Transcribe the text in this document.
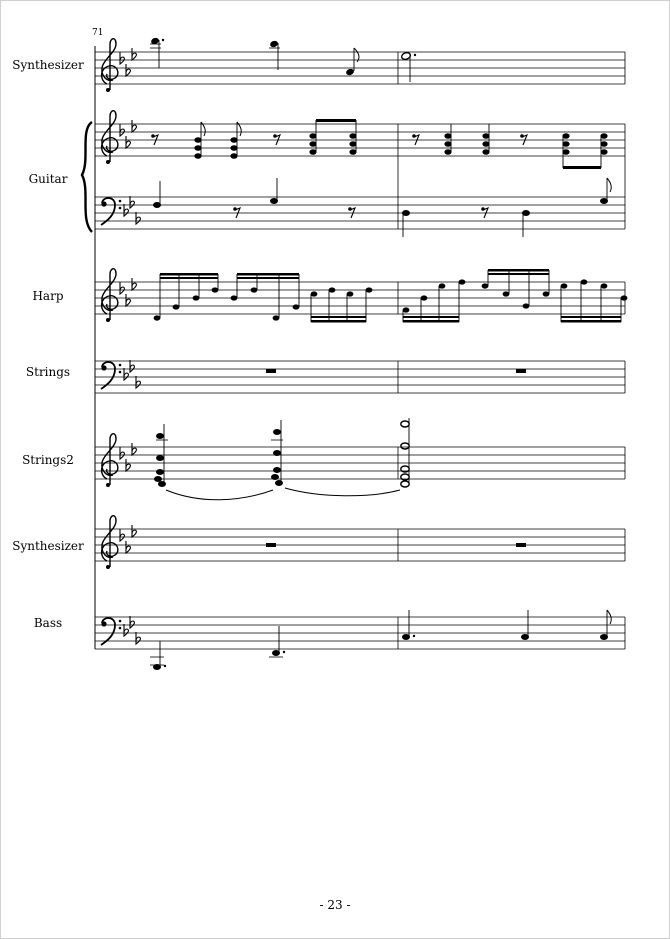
71
Synthesizer
Guitar
Harp
Strings
Strings2
Synthesizer
Bass
- 23 -
